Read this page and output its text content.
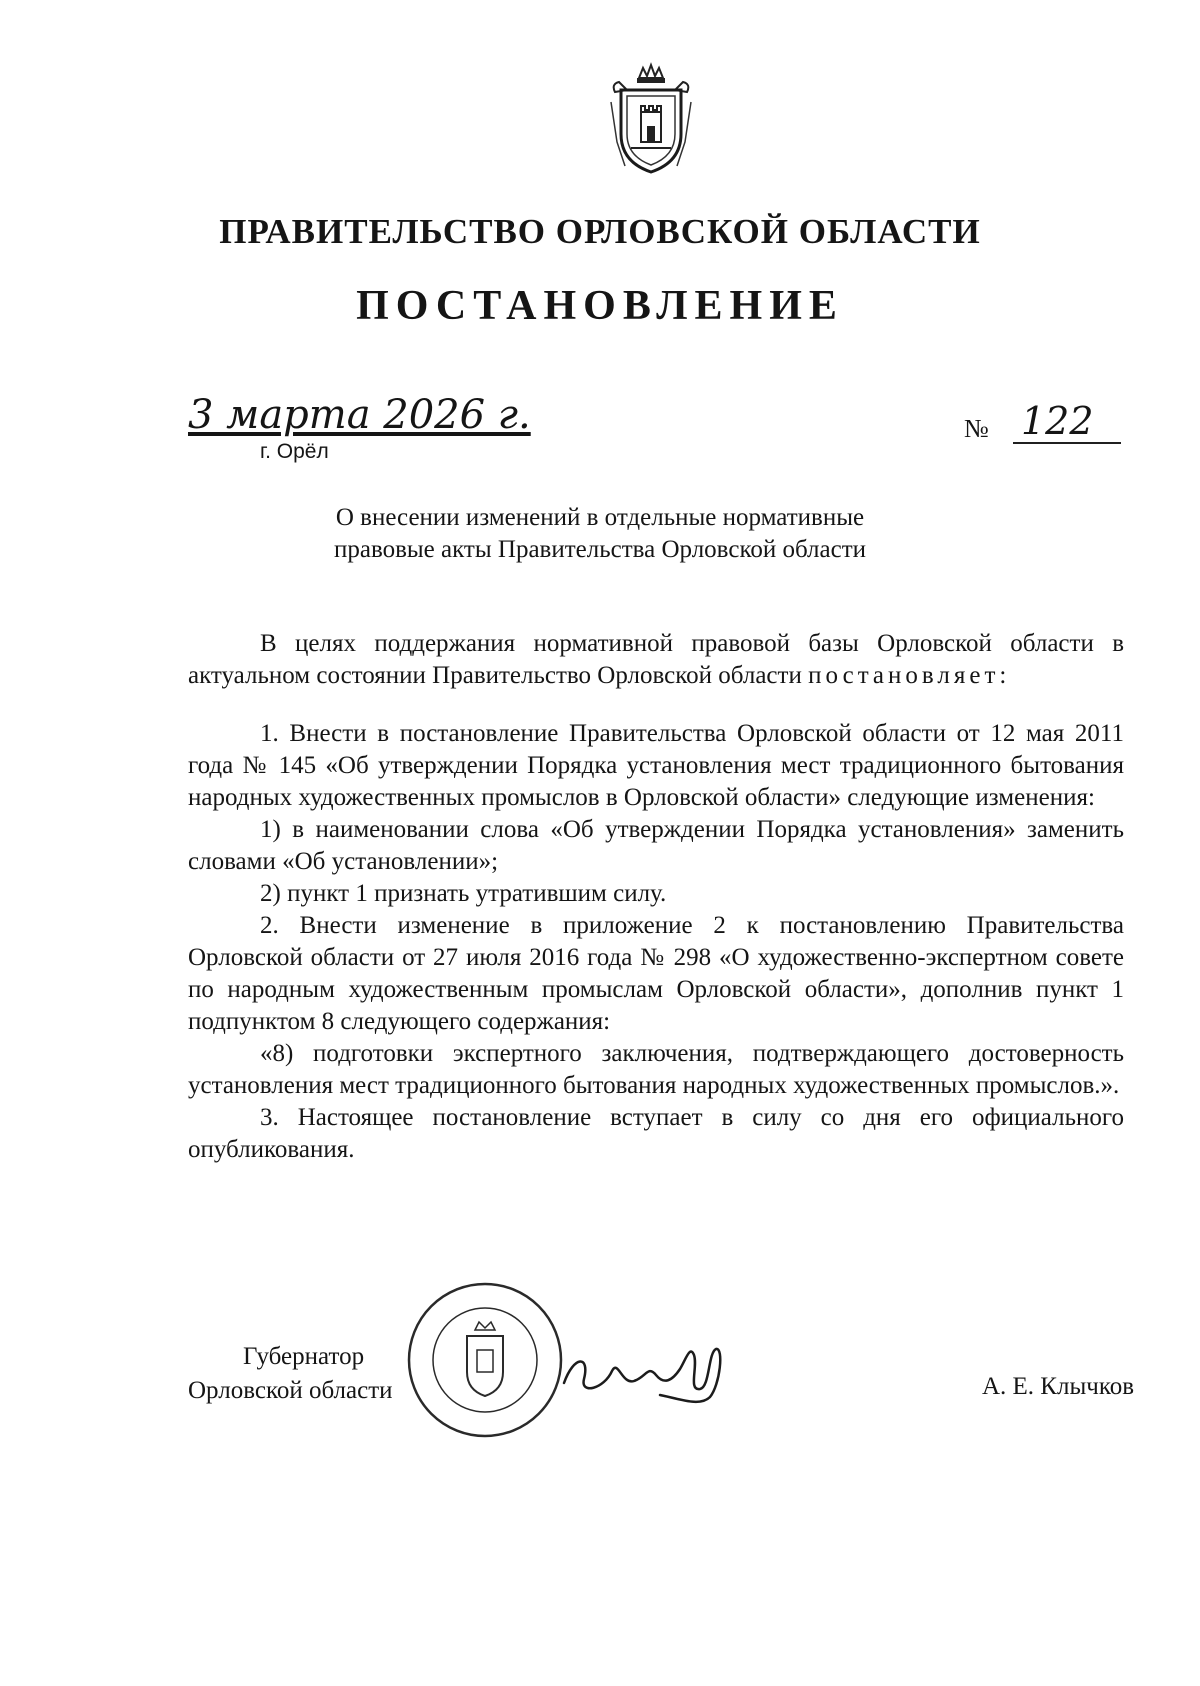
ПРАВИТЕЛЬСТВО ОРЛОВСКОЙ ОБЛАСТИ
ПОСТАНОВЛЕНИЕ
3 марта 2026 г.
г. Орёл
№ 122
О внесении изменений в отдельные нормативные
правовые акты Правительства Орловской области

В целях поддержания нормативной правовой базы Орловской области в актуальном состоянии Правительство Орловской области постановляет:

1. Внести в постановление Правительства Орловской области от 12 мая 2011 года № 145 «Об утверждении Порядка установления мест традиционного бытования народных художественных промыслов в Орловской области» следующие изменения:

1) в наименовании слова «Об утверждении Порядка установления» заменить словами «Об установлении»;

2) пункт 1 признать утратившим силу.

2. Внести изменение в приложение 2 к постановлению Правительства Орловской области от 27 июля 2016 года № 298 «О художественно-экспертном совете по народным художественным промыслам Орловской области», дополнив пункт 1 подпунктом 8 следующего содержания:

«8) подготовки экспертного заключения, подтверждающего достоверность установления мест традиционного бытования народных художественных промыслов.».

3. Настоящее постановление вступает в силу со дня его официального опубликования.

Губернатор
Орловской области	А. Е. Клычков
